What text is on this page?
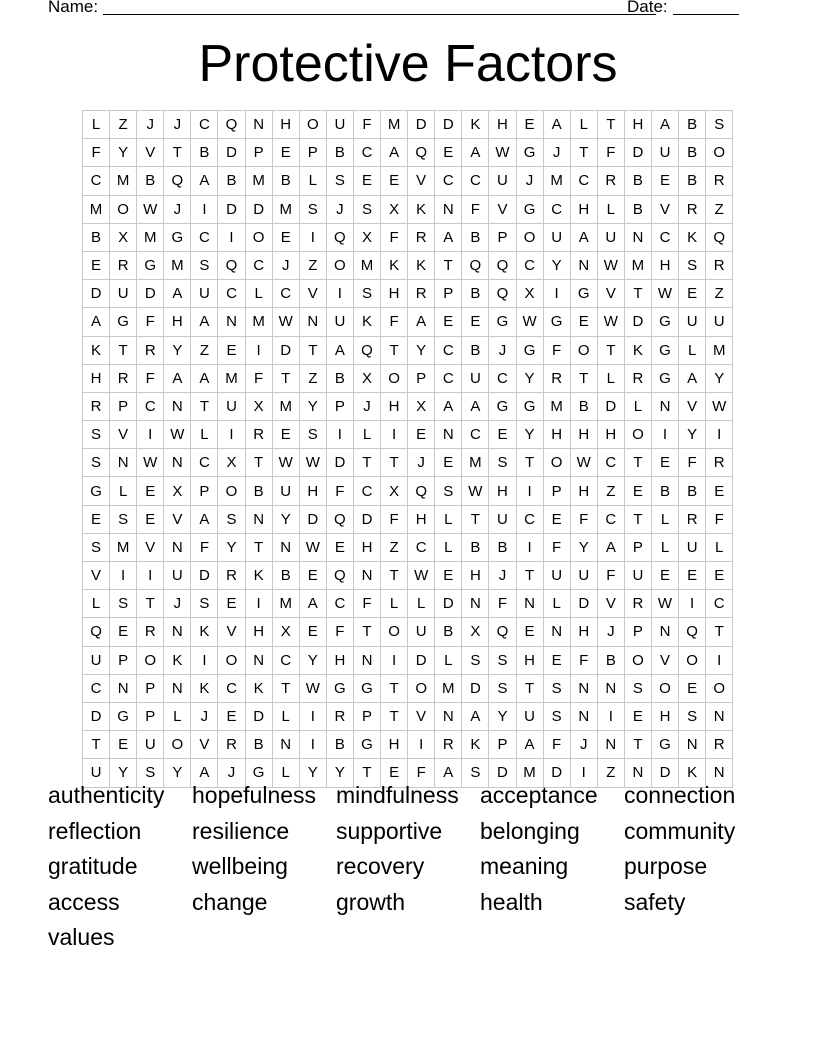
Name:	Date:
Protective Factors
L	Z	J	J	C	Q	N	H	O	U	F	M	D	D	K	H	E	A	L	T	H	A	B	S
F	Y	V	T	B	D	P	E	P	B	C	A	Q	E	A	W	G	J	T	F	D	U	B	O
C	M	B	Q	A	B	M	B	L	S	E	E	V	C	C	U	J	M	C	R	B	E	B	R
M	O	W	J	I	D	D	M	S	J	S	X	K	N	F	V	G	C	H	L	B	V	R	Z
B	X	M	G	C	I	O	E	I	Q	X	F	R	A	B	P	O	U	A	U	N	C	K	Q
E	R	G	M	S	Q	C	J	Z	O	M	K	K	T	Q	Q	C	Y	N	W	M	H	S	R
D	U	D	A	U	C	L	C	V	I	S	H	R	P	B	Q	X	I	G	V	T	W	E	Z
A	G	F	H	A	N	M	W	N	U	K	F	A	E	E	G	W	G	E	W	D	G	U	U
K	T	R	Y	Z	E	I	D	T	A	Q	T	Y	C	B	J	G	F	O	T	K	G	L	M
H	R	F	A	A	M	F	T	Z	B	X	O	P	C	U	C	Y	R	T	L	R	G	A	Y
R	P	C	N	T	U	X	M	Y	P	J	H	X	A	A	G	G	M	B	D	L	N	V	W
S	V	I	W	L	I	R	E	S	I	L	I	E	N	C	E	Y	H	H	H	O	I	Y	I
S	N	W	N	C	X	T	W	W	D	T	T	J	E	M	S	T	O	W	C	T	E	F	R
G	L	E	X	P	O	B	U	H	F	C	X	Q	S	W	H	I	P	H	Z	E	B	B	E
E	S	E	V	A	S	N	Y	D	Q	D	F	H	L	T	U	C	E	F	C	T	L	R	F
S	M	V	N	F	Y	T	N	W	E	H	Z	C	L	B	B	I	F	Y	A	P	L	U	L
V	I	I	U	D	R	K	B	E	Q	N	T	W	E	H	J	T	U	U	F	U	E	E	E
L	S	T	J	S	E	I	M	A	C	F	L	L	D	N	F	N	L	D	V	R	W	I	C
Q	E	R	N	K	V	H	X	E	F	T	O	U	B	X	Q	E	N	H	J	P	N	Q	T
U	P	O	K	I	O	N	C	Y	H	N	I	D	L	S	S	H	E	F	B	O	V	O	I
C	N	P	N	K	C	K	T	W	G	G	T	O	M	D	S	T	S	N	N	S	O	E	O
D	G	P	L	J	E	D	L	I	R	P	T	V	N	A	Y	U	S	N	I	E	H	S	N
T	E	U	O	V	R	B	N	I	B	G	H	I	R	K	P	A	F	J	N	T	G	N	R
U	Y	S	Y	A	J	G	L	Y	Y	T	E	F	A	S	D	M	D	I	Z	N	D	K	N
authenticity hopefulness mindfulness acceptance connection
reflection resilience supportive belonging community
gratitude wellbeing recovery meaning purpose
access	change	growth	health	safety
values
